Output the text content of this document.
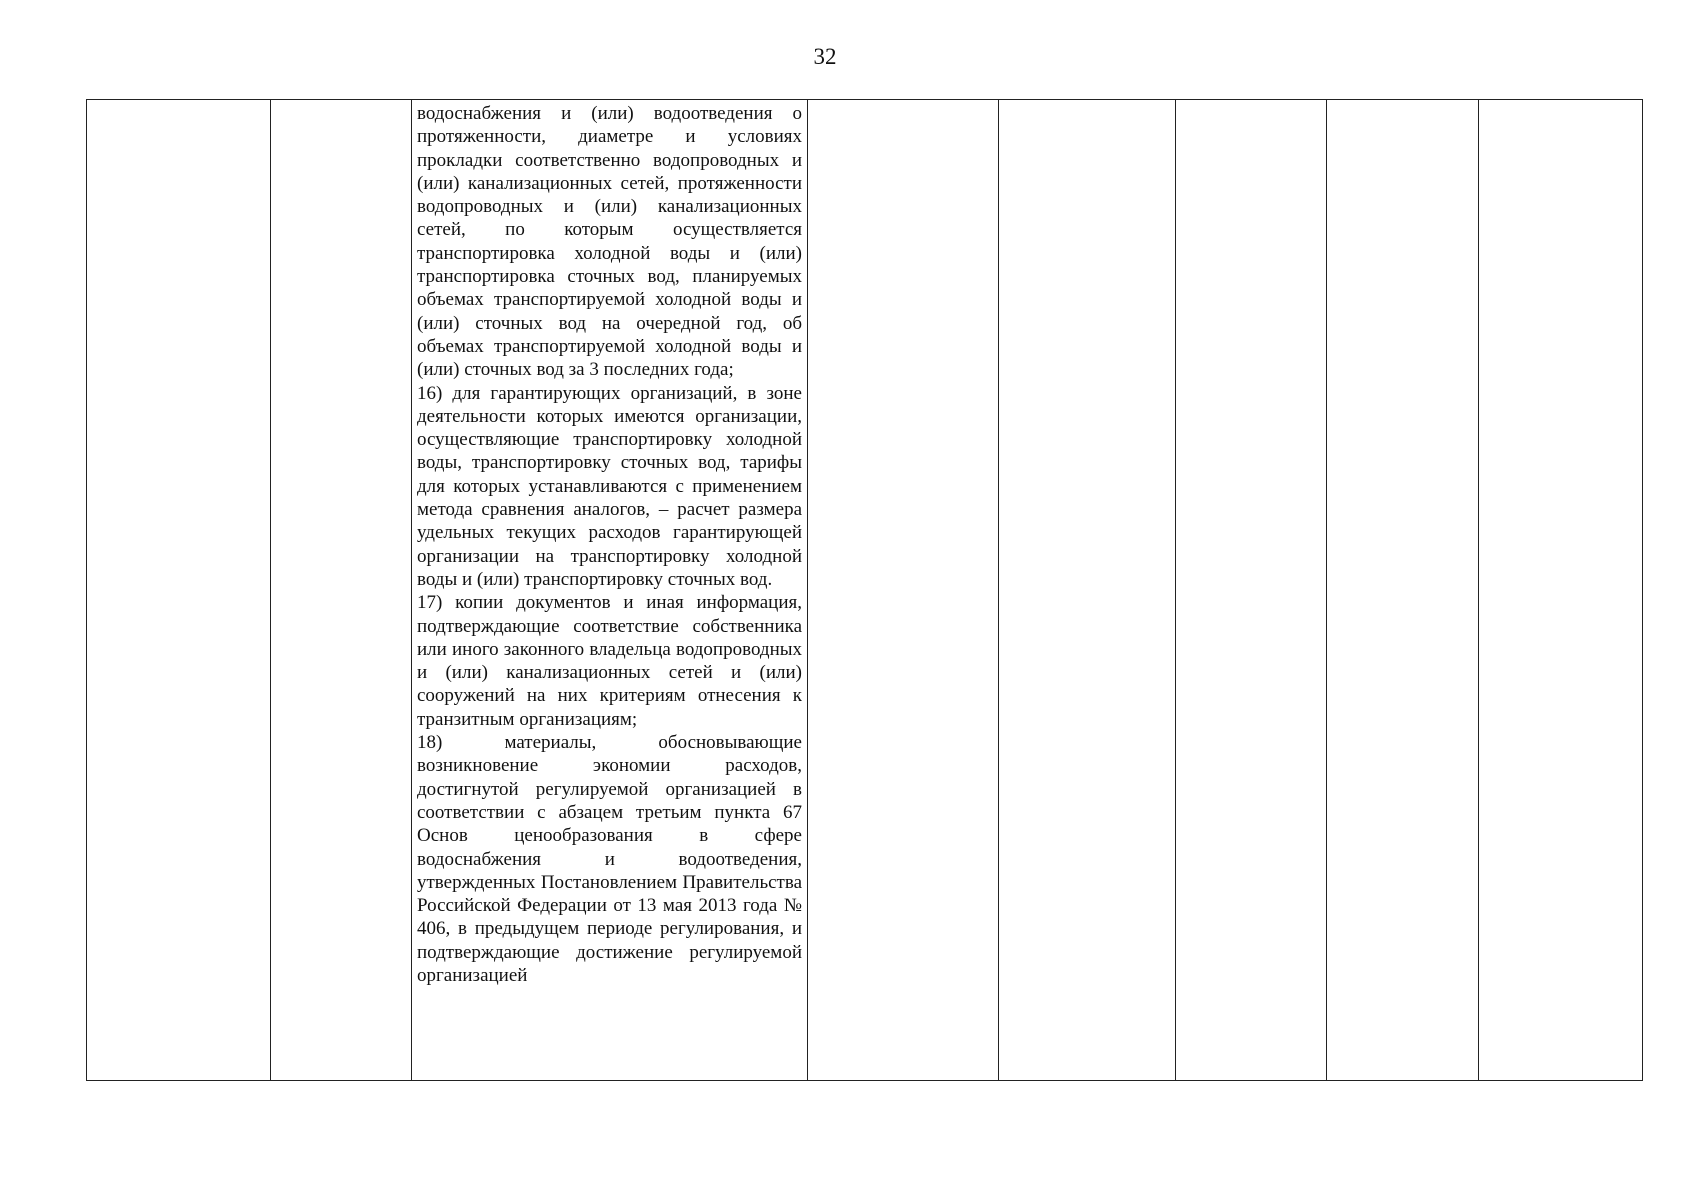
32

водоснабжения и (или) водоотведения о протяженности, диаметре и условиях прокладки соответственно водопроводных и (или) канализационных сетей, протяженности водопроводных и (или) канализационных сетей, по которым осуществляется транспортировка холодной воды и (или) транспортировка сточных вод, планируемых объемах транспортируемой холодной воды и (или) сточных вод на очередной год, об объемах транспортируемой холодной воды и (или) сточных вод за 3 последних года;

16) для гарантирующих организаций, в зоне деятельности которых имеются организации, осуществляющие транспортировку холодной воды, транспортировку сточных вод, тарифы для которых устанавливаются с применением метода сравнения аналогов, – расчет размера удельных текущих расходов гарантирующей организации на транспортировку холодной воды и (или) транспортировку сточных вод.

17) копии документов и иная информация, подтверждающие соответствие собственника или иного законного владельца водопроводных и (или) канализационных сетей и (или) сооружений на них критериям отнесения к транзитным организациям;

18) материалы, обосновывающие возникновение экономии расходов, достигнутой регулируемой организацией в соответствии с абзацем третьим пункта 67 Основ ценообразования в сфере водоснабжения и водоотведения, утвержденных Постановлением Правительства Российской Федерации от 13 мая 2013 года № 406, в предыдущем периоде регулирования, и подтверждающие достижение регулируемой организацией
